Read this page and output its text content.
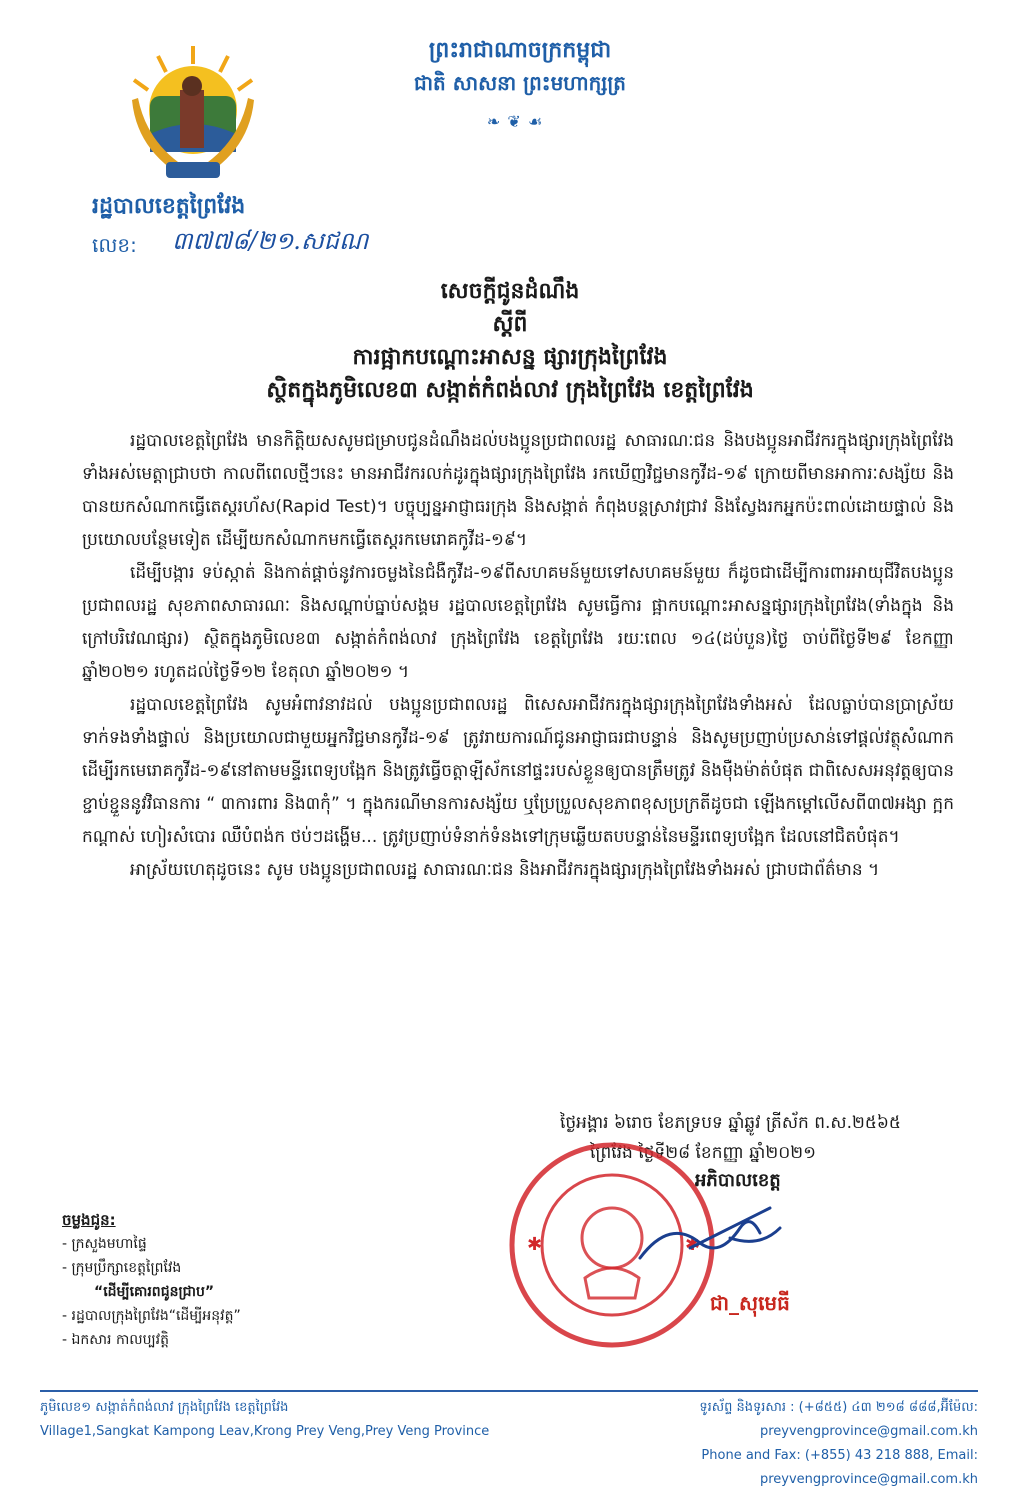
ព្រះរាជាណាចក្រកម្ពុជា
ជាតិ សាសនា ព្រះមហាក្សត្រ
❧ ❦ ☙
រដ្ឋបាលខេត្តព្រៃវែង
លេខ: ៣៧៧៨/២១.សជណ
សេចក្តីជូនដំណឹង
ស្តីពី
ការផ្អាកបណ្តោះអាសន្ន ផ្សារក្រុងព្រៃវែង
ស្ថិតក្នុងភូមិលេខ៣ សង្កាត់កំពង់លាវ ក្រុងព្រៃវែង ខេត្តព្រៃវែង

រដ្ឋបាលខេត្តព្រៃវែង មានកិត្តិយសសូមជម្រាបជូនដំណឹងដល់បងប្អូនប្រជាពលរដ្ឋ សាធារណៈជន និងបងប្អូនអាជីវករក្នុងផ្សារក្រុងព្រៃវែងទាំងអស់មេត្តាជ្រាបថា កាលពីពេលថ្មីៗនេះ មានអាជីវករលក់ដូរក្នុងផ្សារក្រុងព្រៃវែង រកឃើញវិជ្ជមានកូវីដ-១៩ ក្រោយពីមានអាការៈសង្ស័យ និងបានយកសំណាកធ្វើតេស្តរហ័ស(Rapid Test)។ បច្ចុប្បន្នអាជ្ញាធរក្រុង និងសង្កាត់ កំពុងបន្តស្រាវជ្រាវ និងស្វែងរកអ្នកប៉ះពាល់ដោយផ្ទាល់ និងប្រយោលបន្ថែមទៀត ដើម្បីយកសំណាកមកធ្វើតេស្តរកមេរោគកូវីដ-១៩។

ដើម្បីបង្ការ ទប់ស្កាត់ និងកាត់ផ្តាច់នូវការចម្លងនៃជំងឺកូវីដ-១៩ពីសហគមន៍មួយទៅសហគមន៍មួយ ក៏ដូចជាដើម្បីការពារអាយុជីវិតបងប្អូនប្រជាពលរដ្ឋ សុខភាពសាធារណៈ និងសណ្តាប់ធ្នាប់សង្គម រដ្ឋបាលខេត្តព្រៃវែង សូមធ្វើការ ផ្អាកបណ្តោះអាសន្នផ្សារក្រុងព្រៃវែង(ទាំងក្នុង និងក្រៅបរិវេណផ្សារ) ស្ថិតក្នុងភូមិលេខ៣ សង្កាត់កំពង់លាវ ក្រុងព្រៃវែង ខេត្តព្រៃវែង រយៈពេល ១៤(ដប់បួន)ថ្ងៃ ចាប់ពីថ្ងៃទី២៩ ខែកញ្ញា ឆ្នាំ២០២១ រហូតដល់ថ្ងៃទី១២ ខែតុលា ឆ្នាំ២០២១ ។

រដ្ឋបាលខេត្តព្រៃវែង សូមអំពាវនាវដល់ បងប្អូនប្រជាពលរដ្ឋ ពិសេសអាជីវករក្នុងផ្សារក្រុងព្រៃវែងទាំងអស់ ដែលធ្លាប់បានប្រាស្រ័យទាក់ទងទាំងផ្ទាល់ និងប្រយោលជាមួយអ្នកវិជ្ជមានកូវីដ-១៩ ត្រូវរាយការណ៍ជូនអាជ្ញាធរជាបន្ទាន់ និងសូមប្រញាប់ប្រសាន់ទៅផ្តល់វត្ថុសំណាកដើម្បីរកមេរោគកូវីដ-១៩នៅតាមមន្ទីរពេទ្យបង្អែក និងត្រូវធ្វើចត្តាឡីស័កនៅផ្ទះរបស់ខ្លួនឲ្យបានត្រឹមត្រូវ និងម៉ឺងម៉ាត់បំផុត ជាពិសេសអនុវត្តឲ្យបានខ្ជាប់ខ្ជួននូវវិធានការ “ ៣ការពារ និង៣កុំ” ។ ក្នុងករណីមានការសង្ស័យ ឬប្រែប្រួលសុខភាពខុសប្រក្រតីដូចជា ឡើងកម្តៅលើសពី៣៧អង្សា ក្អក កណ្តាស់ ហៀរសំបោរ ឈឺបំពង់ក ថប់ៗដង្ហើម... ត្រូវប្រញាប់ទំនាក់ទំនងទៅក្រុមឆ្លើយតបបន្ទាន់នៃមន្ទីរពេទ្យបង្អែក ដែលនៅជិតបំផុត។

អាស្រ័យហេតុដូចនេះ សូម បងប្អូនប្រជាពលរដ្ឋ សាធារណៈជន និងអាជីវករក្នុងផ្សារក្រុងព្រៃវែងទាំងអស់ ជ្រាបជាព័ត៌មាន ។

ថ្ងៃអង្គារ ៦រោច ខែភទ្របទ ឆ្នាំឆ្លូវ ត្រីស័ក ព.ស.២៥៦៥
ព្រៃវែង ថ្ងៃទី២៨ ខែកញ្ញា ឆ្នាំ២០២១
✱	✱
អភិបាលខេត្ត
ជា_សុមេធី
ចម្លងជូន:
- ក្រសួងមហាផ្ទៃ
- ក្រុមប្រឹក្សាខេត្តព្រៃវែង
“ដើម្បីគោរពជូនជ្រាប”
- រដ្ឋបាលក្រុងព្រៃវែង“ដើម្បីអនុវត្ត”
- ឯកសារ កាលប្បវត្តិ
ភូមិលេខ១ សង្កាត់កំពង់លាវ ក្រុងព្រៃវែង ខេត្តព្រៃវែង
Village1,Sangkat Kampong Leav,Krong Prey Veng,Prey Veng Province
ទូរស័ព្ទ និងទូរសារ : (+៨៥៥) ៤៣ ២១៨ ៨៨៨,អ៊ីម៉ែល: preyvengprovince@gmail.com.kh
Phone and Fax: (+855) 43 218 888, Email: preyvengprovince@gmail.com.kh
